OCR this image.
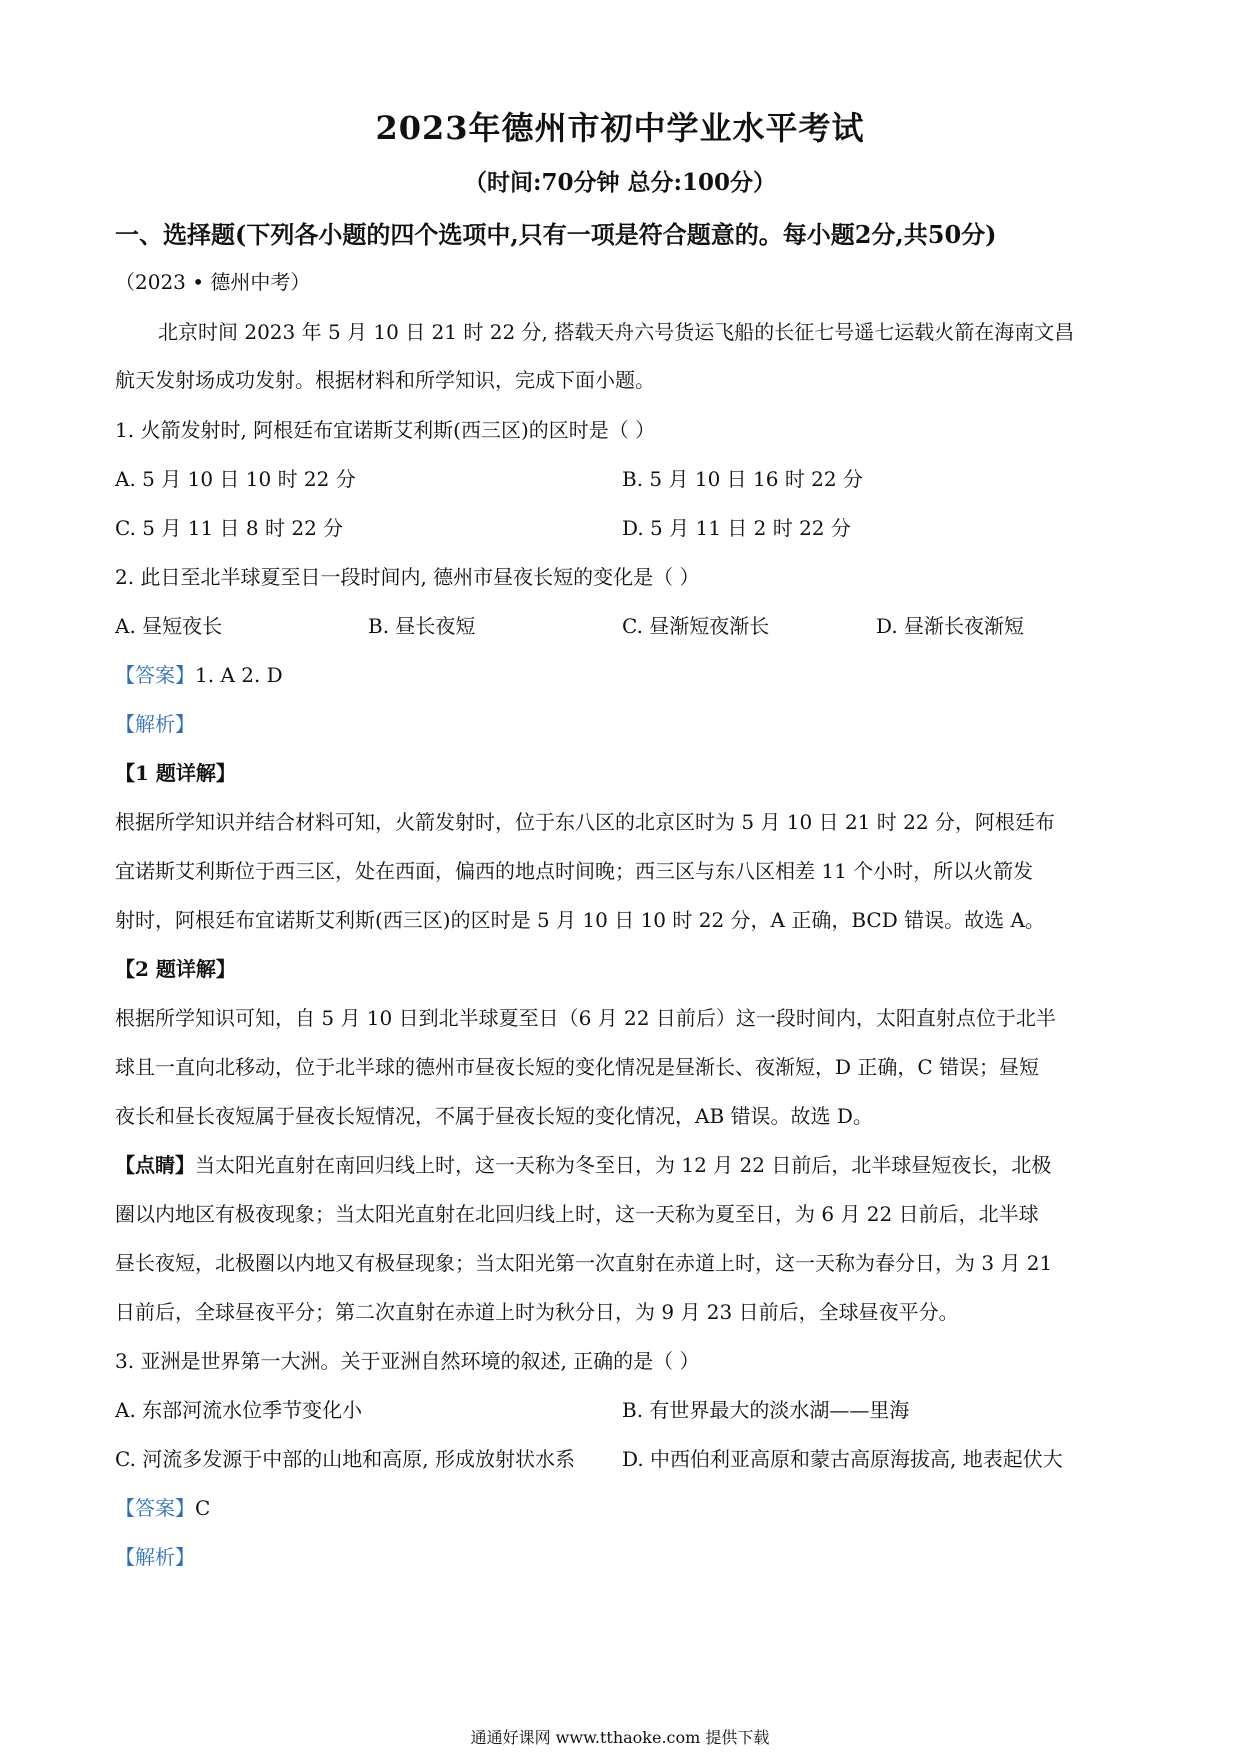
2023年德州市初中学业水平考试
（时间:70分钟 总分:100分）
一、选择题(下列各小题的四个选项中,只有一项是符合题意的。每小题2分,共50分)
（2023 • 德州中考）
北京时间 2023 年 5 月 10 日 21 时 22 分, 搭载天舟六号货运飞船的长征七号遥七运载火箭在海南文昌
航天发射场成功发射。根据材料和所学知识，完成下面小题。
1. 火箭发射时, 阿根廷布宜诺斯艾利斯(西三区)的区时是（ ）
A. 5 月 10 日 10 时 22 分	B. 5 月 10 日 16 时 22 分
C. 5 月 11 日 8 时 22 分	D. 5 月 11 日 2 时 22 分
2. 此日至北半球夏至日一段时间内, 德州市昼夜长短的变化是（ ）
A. 昼短夜长	B. 昼长夜短	C. 昼渐短夜渐长	D. 昼渐长夜渐短
【答案】1. A 2. D
【解析】
【1 题详解】
根据所学知识并结合材料可知，火箭发射时，位于东八区的北京区时为 5 月 10 日 21 时 22 分，阿根廷布
宜诺斯艾利斯位于西三区，处在西面，偏西的地点时间晚；西三区与东八区相差 11 个小时，所以火箭发
射时，阿根廷布宜诺斯艾利斯(西三区)的区时是 5 月 10 日 10 时 22 分，A 正确，BCD 错误。故选 A。
【2 题详解】
根据所学知识可知，自 5 月 10 日到北半球夏至日（6 月 22 日前后）这一段时间内，太阳直射点位于北半
球且一直向北移动，位于北半球的德州市昼夜长短的变化情况是昼渐长、夜渐短，D 正确，C 错误；昼短
夜长和昼长夜短属于昼夜长短情况，不属于昼夜长短的变化情况，AB 错误。故选 D。
【点睛】当太阳光直射在南回归线上时，这一天称为冬至日，为 12 月 22 日前后，北半球昼短夜长，北极
圈以内地区有极夜现象；当太阳光直射在北回归线上时，这一天称为夏至日，为 6 月 22 日前后，北半球
昼长夜短，北极圈以内地又有极昼现象；当太阳光第一次直射在赤道上时，这一天称为春分日，为 3 月 21
日前后，全球昼夜平分；第二次直射在赤道上时为秋分日，为 9 月 23 日前后，全球昼夜平分。
3. 亚洲是世界第一大洲。关于亚洲自然环境的叙述, 正确的是（ ）
A. 东部河流水位季节变化小	B. 有世界最大的淡水湖——里海
C. 河流多发源于中部的山地和高原, 形成放射状水系 D. 中西伯利亚高原和蒙古高原海拔高, 地表起伏大
【答案】C
【解析】
通通好课网 www.tthaoke.com 提供下载
